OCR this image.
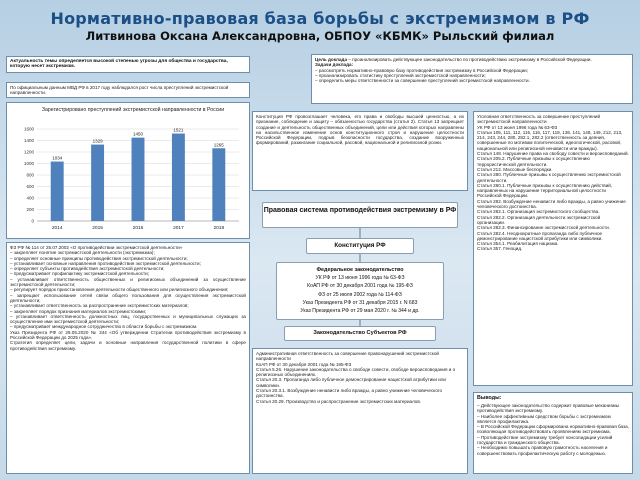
Нормативно-правовая база борьбы с экстремизмом в РФ
Литвинова Оксана Александровна, ОБПОУ «КБМК» Рыльский филиал
Актуальность темы определяется высокой степенью угрозы для общества и государства, которую несет экстремизм.
По официальным данным МВД РФ в 2017 году наблюдался рост числа преступлений экстремистской направленности.
Цель доклада – проанализировать действующее законодательство по противодействию экстремизму в Российской Федерации.
Задачи доклада:
– рассмотреть нормативно-правовую базу противодействия экстремизму в Российской Федерации;
– проанализировать статистику преступлений экстремистской направленности;
– определить меры ответственности за совершение преступлений экстремистской направленности.
Зарегистрировано преступлений экстремистской направленности в России
0
200
400
600
800
1000
1200
1400
1600
1034
2014
1329
2015
1450
2016
1521
2017
1265
2018
Конституция РФ провозглашает человека, его права и свободы высшей ценностью, а их признание, соблюдение и защиту – обязанностью государства (статья 2). Статья 13 запрещает создание и деятельность общественных объединений, цели или действия которых направлены на насильственное изменение основ конституционного строя и нарушение целостности Российской Федерации, подрыв безопасности государства, создание вооруженных формирований, разжигание социальной, расовой, национальной и религиозной розни.
ФЗ РФ № 114 от 25.07.2002 «О противодействии экстремистской деятельности»
– закрепляет понятие экстремистской деятельности (экстремизма);
– определяет основные принципы противодействия экстремистской деятельности;
– устанавливает основные направления противодействия экстремистской деятельности;
– определяет субъекты противодействия экстремистской деятельности;
– предусматривает профилактику экстремистской деятельности;
– устанавливает ответственность общественных и религиозных объединений за осуществление экстремистской деятельности;
– регулирует порядок приостановления деятельности общественного или религиозного объединения;
– запрещает использование сетей связи общего пользования для осуществления экстремистской деятельности;
– устанавливает ответственность за распространение экстремистских материалов;
– закрепляет порядок признания материалов экстремистскими;
– устанавливает ответственность должностных лиц, государственных и муниципальных служащих за осуществление ими экстремистской деятельности;
– предусматривает международное сотрудничество в области борьбы с экстремизмом.
Указ Президента РФ от 29.05.2020 № 344 «Об утверждении Стратегии противодействия экстремизму в Российской Федерации до 2025 года».
Стратегия определяет цели, задачи и основные направления государственной политики в сфере противодействия экстремизму.
Уголовная ответственность за совершение преступлений экстремистской направленности
УК РФ от 13 июня 1996 года № 63-ФЗ
Статьи 105, 111, 112, 115, 116, 117, 119, 136, 141, 148, 149, 212, 213, 214, 243, 244, 280, 282.1, 282.2 (ответственность за деяния, совершенные по мотивам политической, идеологической, расовой, национальной или религиозной ненависти или вражды).
Статья 148. Нарушение права на свободу совести и вероисповеданий.
Статья 205.2. Публичные призывы к осуществлению террористической деятельности.
Статья 212. Массовые беспорядки.
Статья 280. Публичные призывы к осуществлению экстремистской деятельности.
Статья 280.1. Публичные призывы к осуществлению действий, направленных на нарушение территориальной целостности Российской Федерации.
Статья 282. Возбуждение ненависти либо вражды, а равно унижение человеческого достоинства.
Статья 282.1. Организация экстремистского сообщества.
Статья 282.2. Организация деятельности экстремистской организации.
Статья 282.3. Финансирование экстремистской деятельности.
Статья 282.4. Неоднократные пропаганда либо публичное демонстрирование нацистской атрибутики или символики.
Статья 354.1. Реабилитация нацизма.
Статья 357. Геноцид.
Правовая система противодействия экстремизму в РФ
Конституция РФ
Федеральное законодательство
УК РФ от 13 июня 1996 года № 63-ФЗ
КоАП РФ от 30 декабря 2001 года № 195-ФЗ
ФЗ от 25 июля 2002 года № 114-ФЗ
Указ Президента РФ от 31 декабря 2015 г. N 683
Указ Президента РФ от 29 мая 2020 г. № 344 и др.
Законодательство Субъектов РФ
Административная ответственность за совершение правонарушений экстремистской направленности
КоАП РФ от 30 декабря 2001 года № 195-ФЗ
Статья 5.26. Нарушение законодательства о свободе совести, свободе вероисповедания и о религиозных объединениях.
Статья 20.3. Пропаганда либо публичное демонстрирование нацистской атрибутики или символики.
Статья 20.3.1. Возбуждение ненависти либо вражды, а равно унижение человеческого достоинства.
Статья 20.29. Производство и распространение экстремистских материалов.
Выводы:
– Действующее законодательство содержит правовые механизмы противодействия экстремизму.
– Наиболее эффективным средством борьбы с экстремизмом является профилактика.
– В Российской Федерации сформирована нормативно-правовая база, позволяющая противодействовать проявлениям экстремизма.
– Противодействие экстремизму требует консолидации усилий государства и гражданского общества.
– Необходимо повышать правовую грамотность населения и совершенствовать профилактическую работу с молодежью.
